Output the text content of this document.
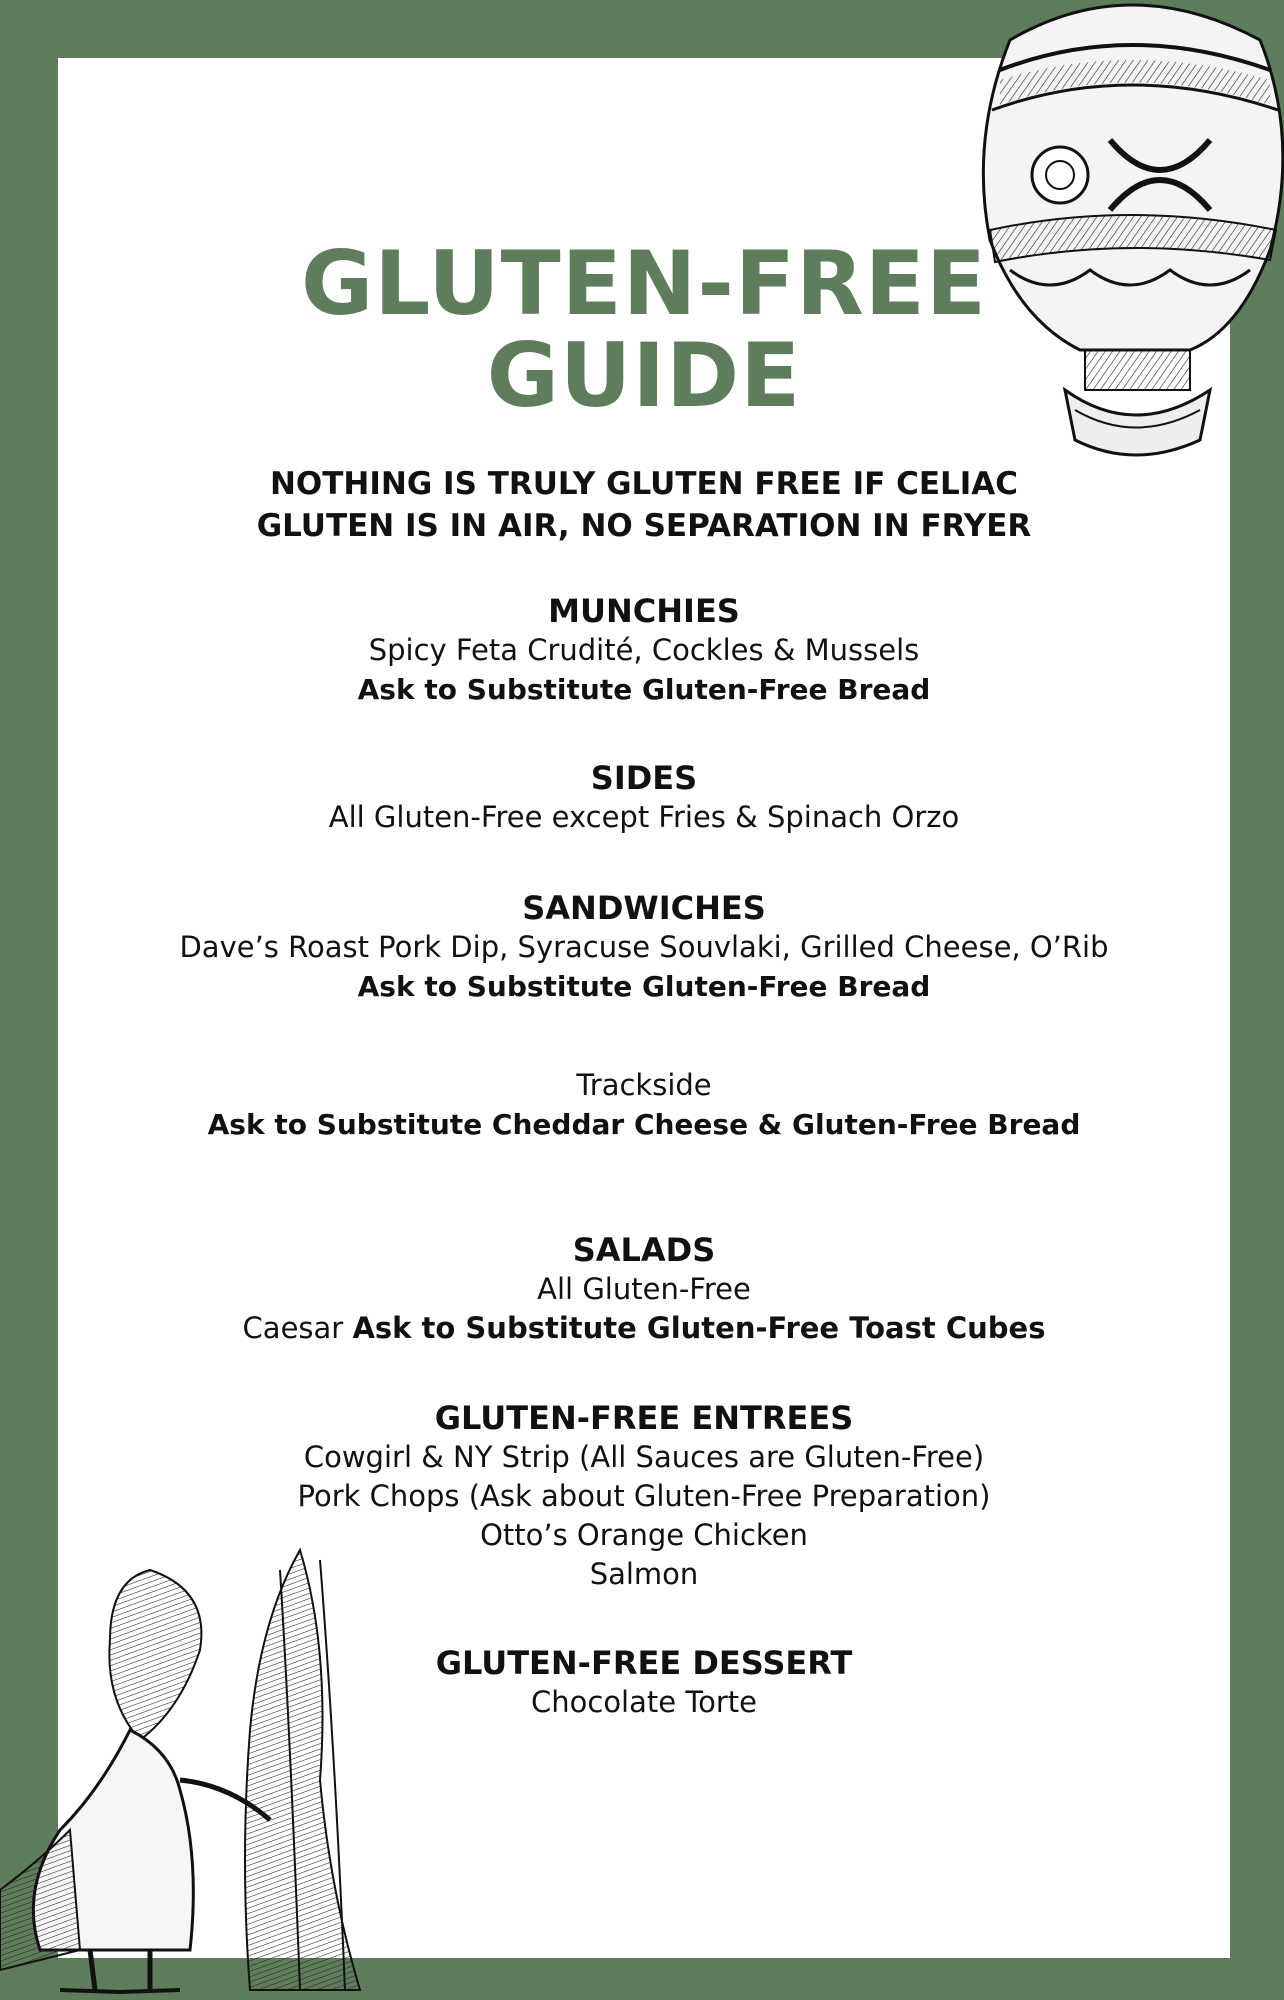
GLUTEN-FREE
GUIDE
NOTHING IS TRULY GLUTEN FREE IF CELIAC
GLUTEN IS IN AIR, NO SEPARATION IN FRYER
MUNCHIES
Spicy Feta Crudité, Cockles & Mussels
Ask to Substitute Gluten-Free Bread
SIDES
All Gluten-Free except Fries & Spinach Orzo
SANDWICHES
Dave’s Roast Pork Dip, Syracuse Souvlaki, Grilled Cheese, O’Rib
Ask to Substitute Gluten-Free Bread
Trackside
Ask to Substitute Cheddar Cheese & Gluten-Free Bread
SALADS
All Gluten-Free
Caesar Ask to Substitute Gluten-Free Toast Cubes
GLUTEN-FREE ENTREES
Cowgirl & NY Strip (All Sauces are Gluten-Free)
Pork Chops (Ask about Gluten-Free Preparation)
Otto’s Orange Chicken
Salmon
GLUTEN-FREE DESSERT
Chocolate Torte
